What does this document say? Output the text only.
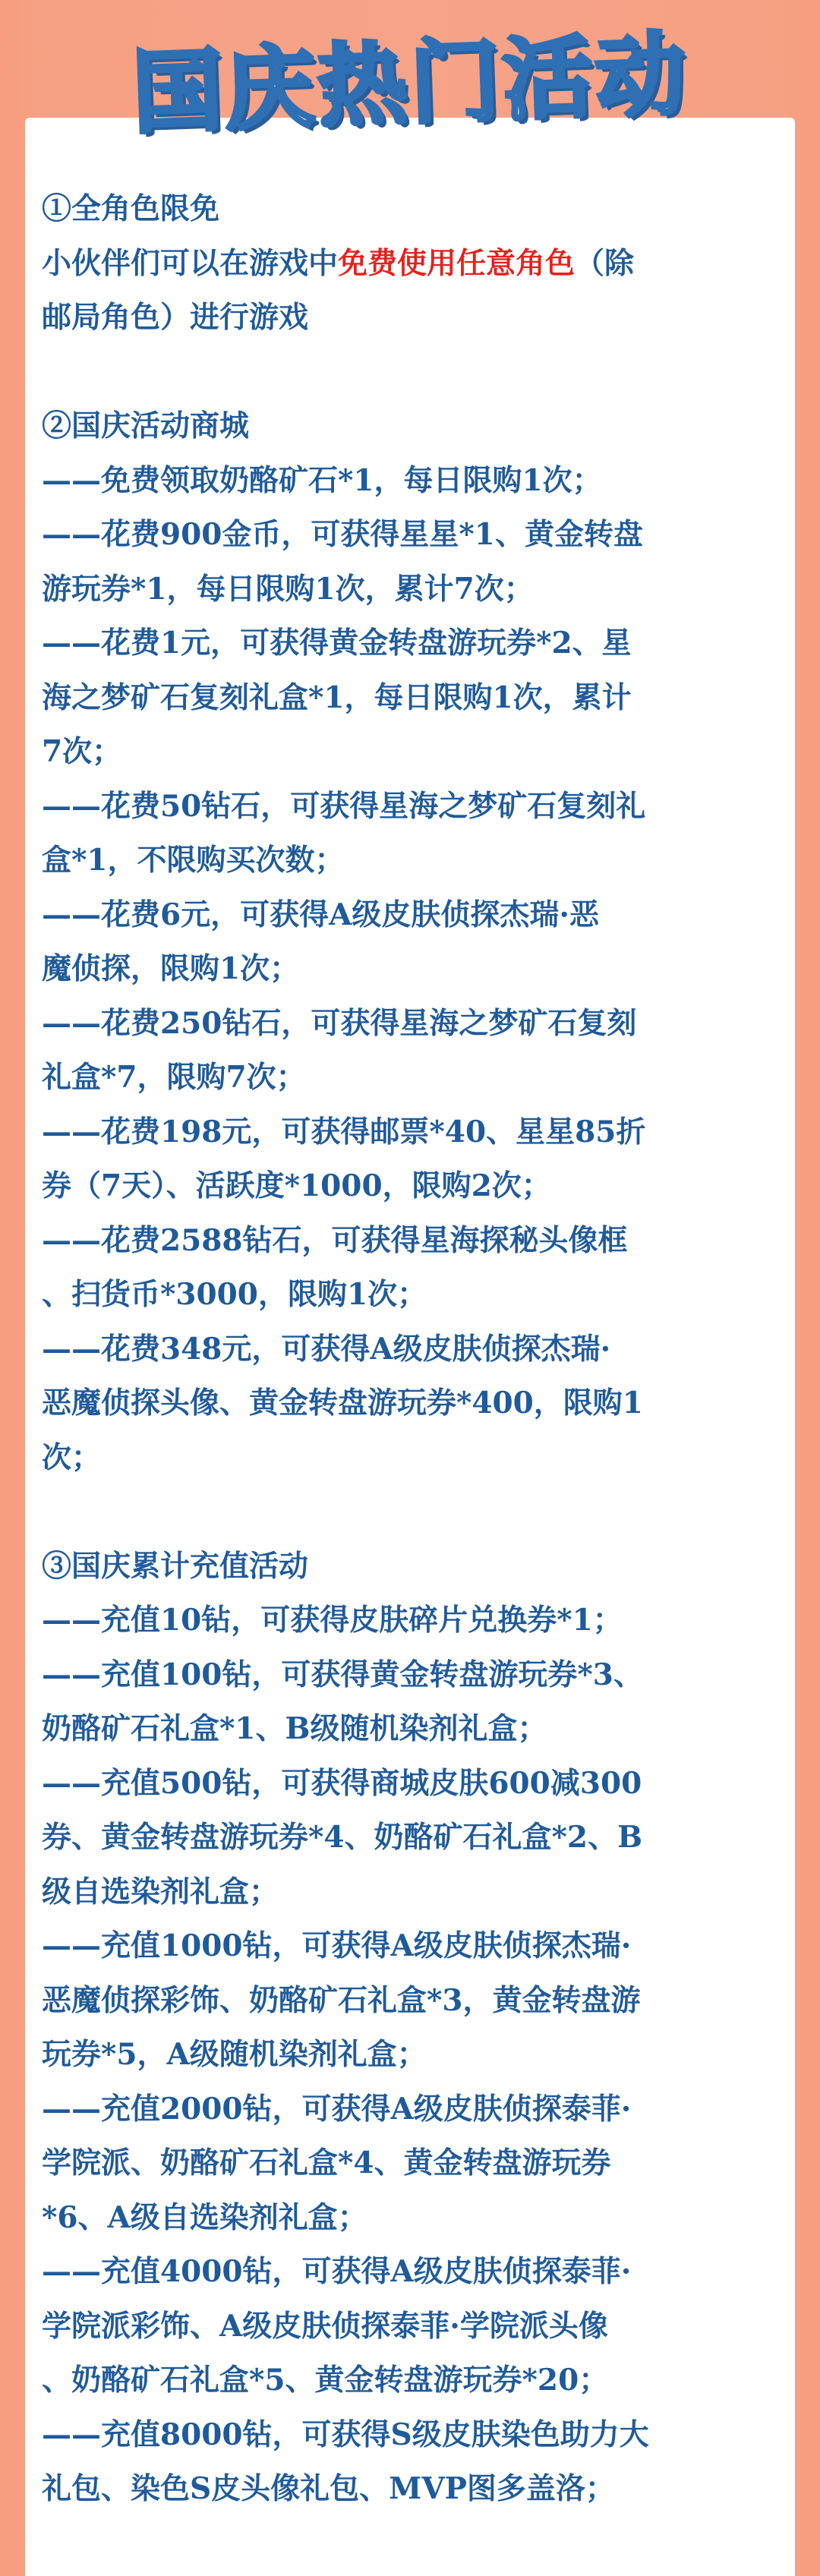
国庆热门活动
①全角色限免
小伙伴们可以在游戏中免费使用任意角色（除
邮局角色）进行游戏
②国庆活动商城
——免费领取奶酪矿石*1，每日限购1次；
——花费900金币，可获得星星*1、黄金转盘
游玩券*1，每日限购1次，累计7次；
——花费1元，可获得黄金转盘游玩券*2、星
海之梦矿石复刻礼盒*1，每日限购1次，累计
7次；
——花费50钻石，可获得星海之梦矿石复刻礼
盒*1，不限购买次数；
——花费6元，可获得A级皮肤侦探杰瑞·恶
魔侦探，限购1次；
——花费250钻石，可获得星海之梦矿石复刻
礼盒*7，限购7次；
——花费198元，可获得邮票*40、星星85折
券（7天）、活跃度*1000，限购2次；
——花费2588钻石，可获得星海探秘头像框
、扫货币*3000，限购1次；
——花费348元，可获得A级皮肤侦探杰瑞·
恶魔侦探头像、黄金转盘游玩券*400，限购1
次；
③国庆累计充值活动
——充值10钻，可获得皮肤碎片兑换券*1；
——充值100钻，可获得黄金转盘游玩券*3、
奶酪矿石礼盒*1、B级随机染剂礼盒；
——充值500钻，可获得商城皮肤600减300
券、黄金转盘游玩券*4、奶酪矿石礼盒*2、B
级自选染剂礼盒；
——充值1000钻，可获得A级皮肤侦探杰瑞·
恶魔侦探彩饰、奶酪矿石礼盒*3，黄金转盘游
玩券*5，A级随机染剂礼盒；
——充值2000钻，可获得A级皮肤侦探泰菲·
学院派、奶酪矿石礼盒*4、黄金转盘游玩券
*6、A级自选染剂礼盒；
——充值4000钻，可获得A级皮肤侦探泰菲·
学院派彩饰、A级皮肤侦探泰菲·学院派头像
、奶酪矿石礼盒*5、黄金转盘游玩券*20；
——充值8000钻，可获得S级皮肤染色助力大
礼包、染色S皮头像礼包、MVP图多盖洛；
